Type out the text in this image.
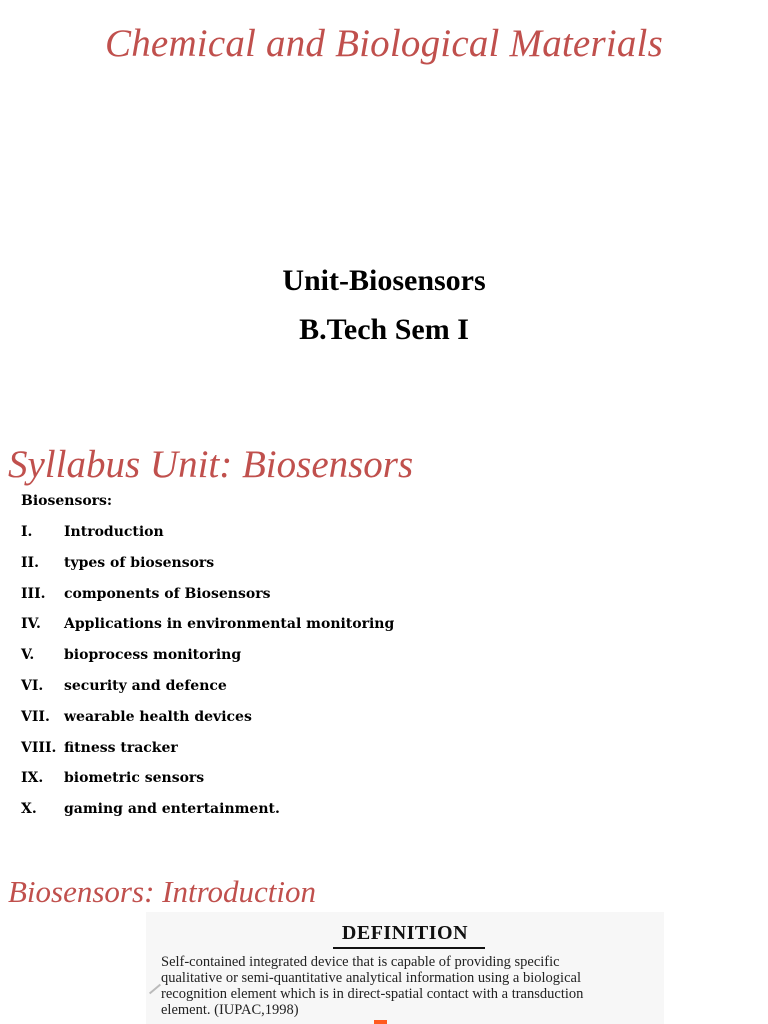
Chemical and Biological Materials
Unit-Biosensors
B.Tech Sem I
Syllabus Unit: Biosensors
Biosensors:
I.	Introduction
II.	types of biosensors
III.	components of Biosensors
IV.	Applications in environmental monitoring
V.	bioprocess monitoring
VI.	security and defence
VII.	wearable health devices
VIII. fitness tracker
IX.	biometric sensors
X.	gaming and entertainment.
Biosensors: Introduction
DEFINITION
Self-contained integrated device that is capable of providing specific
qualitative or semi-quantitative analytical information using a biological
recognition element which is in direct-spatial contact with a transduction
element. (IUPAC,1998)
